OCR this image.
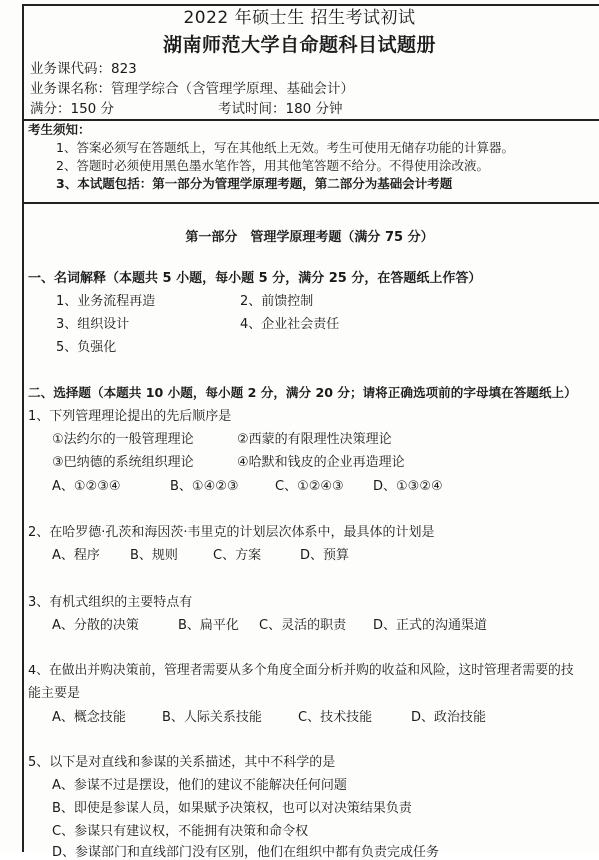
2022 年硕士生 招生考试初试
湖南师范大学自命题科目试题册
业务课代码：823
业务课名称：管理学综合（含管理学原理、基础会计）
满分：150 分	考试时间：180 分钟
考生须知：
1、答案必须写在答题纸上，写在其他纸上无效。考生可使用无储存功能的计算器。
2、答题时必须使用黑色墨水笔作答，用其他笔答题不给分。不得使用涂改液。
3、本试题包括：第一部分为管理学原理考题，第二部分为基础会计考题
第一部分　管理学原理考题（满分 75 分）
一、名词解释（本题共 5 小题，每小题 5 分，满分 25 分，在答题纸上作答）
1、业务流程再造	2、前馈控制
3、组织设计	4、企业社会责任
5、负强化
二、选择题（本题共 10 小题，每小题 2 分，满分 20 分；请将正确选项前的字母填在答题纸上）
1、下列管理理论提出的先后顺序是
①法约尔的一般管理理论	②西蒙的有限理性决策理论
③巴纳德的系统组织理论	④哈默和钱皮的企业再造理论
A、①②③④	B、①④②③	C、①②④③ D、①③②④
2、在哈罗德·孔茨和海因茨·韦里克的计划层次体系中，最具体的计划是
A、程序 B、规则	C、方案	D、预算
3、有机式组织的主要特点有
A、分散的决策	B、扁平化 C、灵活的职责 D、正式的沟通渠道
4、在做出并购决策前，管理者需要从多个角度全面分析并购的收益和风险，这时管理者需要的技
能主要是
A、概念技能	B、人际关系技能	C、技术技能	D、政治技能
5、以下是对直线和参谋的关系描述，其中不科学的是
A、参谋不过是摆设，他们的建议不能解决任何问题
B、即使是参谋人员，如果赋予决策权，也可以对决策结果负责
C、参谋只有建议权，不能拥有决策和命令权
D、参谋部门和直线部门没有区别，他们在组织中都有负责完成任务
